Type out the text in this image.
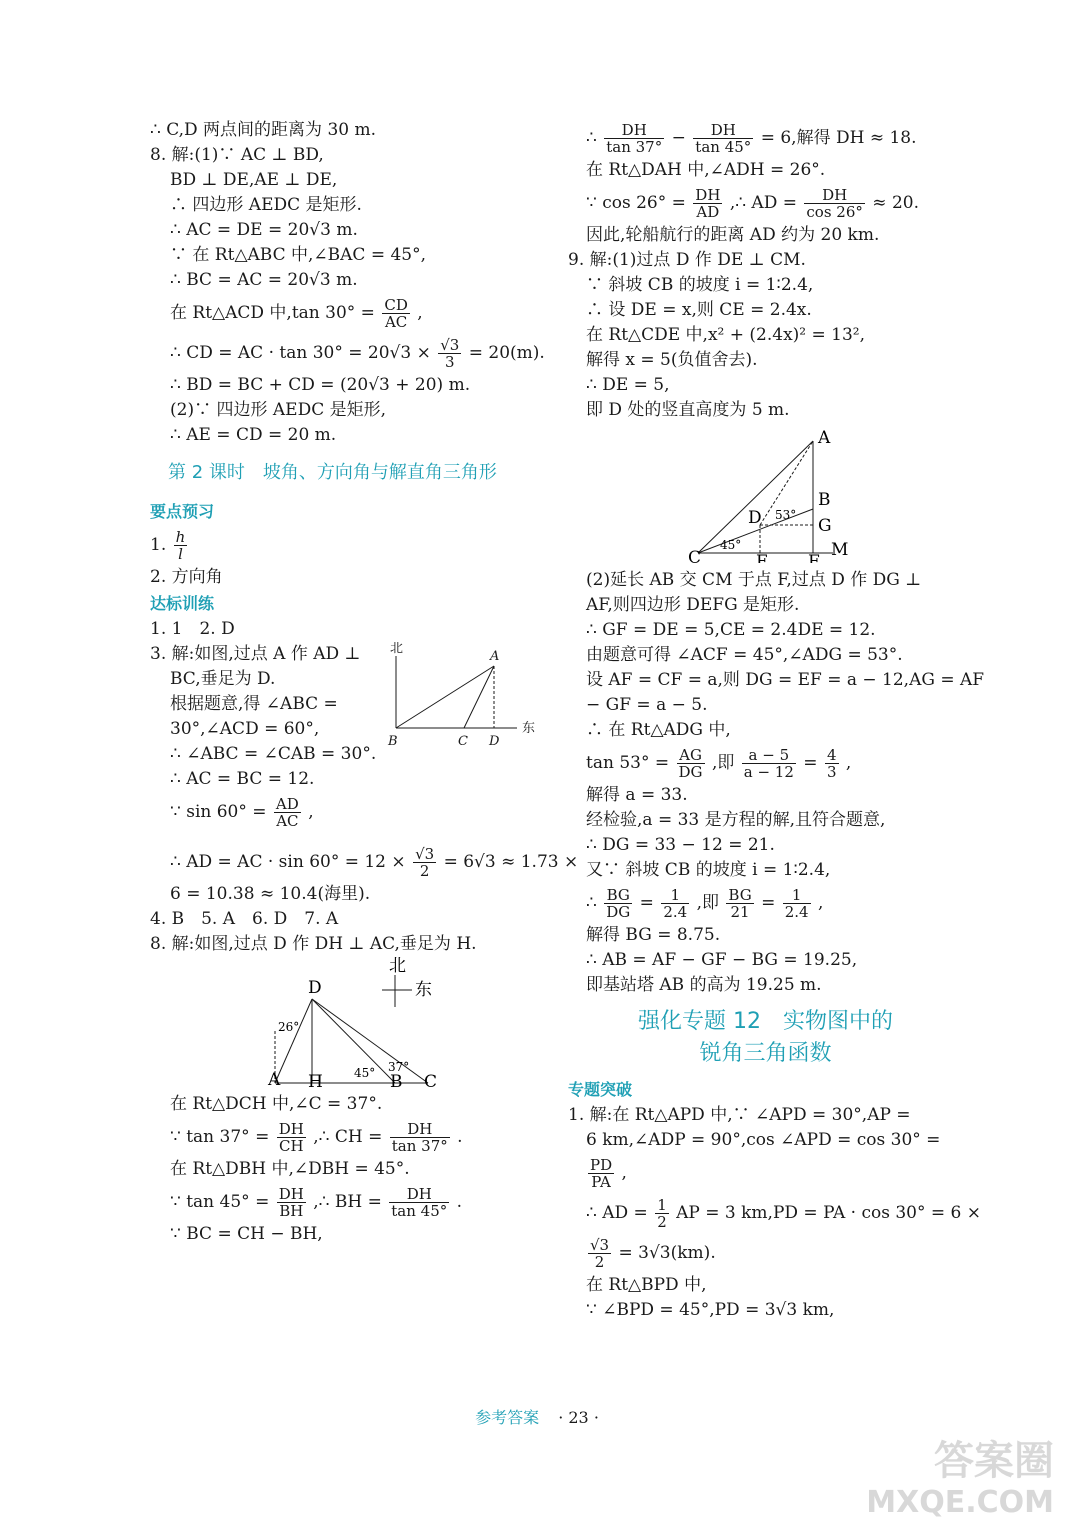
∴ C,D 两点间的距离为 30 m.
8. 解:(1)∵ AC ⊥ BD,
BD ⊥ DE,AE ⊥ DE,
∴ 四边形 AEDC 是矩形.
∴ AC = DE = 20√3 m.
∵ 在 Rt△ABC 中,∠BAC = 45°,
∴ BC = AC = 20√3 m.
在 Rt△ACD 中,tan $30^\circ = \frac{CD}{AC}$ ,
∴ CD = AC · $\tan 30^\circ = 20√3 \times \frac{√3}{3} = 20(m)$.
∴ BD = BC + CD = (20√3 + 20) m.
(2)∵ 四边形 AEDC 是矩形,
∴ AE = CD = 20 m.
第 2 课时　坡角、方向角与解直角三角形
要点预习
1. $\frac{h}{l}$
2. 方向角
达标训练
1. 1　2. D
3. 解:如图,过点 A 作 AD ⊥
BC,垂足为 D.
根据题意,得 ∠ABC =
30°,∠ACD = 60°,
∴ ∠ABC = ∠CAB = 30°.
∴ AC = BC = 12.
北
东
A
B	C D
∵ $\sin 60^\circ = \frac{AD}{AC}$ ,
∴ AD = AC · $\sin 60^\circ = 12 \times \frac{√3}{2} = 6√3 \approx 1.73$ ×
6 = 10.38 ≈ 10.4(海里).
4. B　5. A　6. D　7. A
8. 解:如图,过点 D 作 DH ⊥ AC,垂足为 H.
北
东
26°
45° 37°
D
A H	B C
在 Rt△DCH 中,∠C = 37°.
∵ $\tan 37^\circ = \frac{DH}{CH}$ ,∴ CH = $\frac{DH}{\tan 37^\circ}$ .
在 Rt△DBH 中,∠DBH = 45°.
∵ $\tan 45^\circ = \frac{DH}{BH}$ ,∴ BH = $\frac{DH}{\tan 45^\circ}$ .
∵ BC = CH − BH,
∴ $\frac{DH}{\tan 37^\circ} - \frac{DH}{\tan 45^\circ} = 6$,解得 DH ≈ 18.
在 Rt△DAH 中,∠ADH = 26°.
∵ $\cos 26^\circ = \frac{DH}{AD}$ ,∴ AD = $\frac{DH}{\cos 26^\circ} \approx 20$.
因此,轮船航行的距离 AD 约为 20 km.
9. 解:(1)过点 D 作 DE ⊥ CM.
∵ 斜坡 CB 的坡度 i = 1∶2.4,
∴ 设 DE = x,则 CE = 2.4x.
在 Rt△CDE 中,x² + (2.4x)² = 13²,
解得 x = 5(负值舍去).
∴ DE = 5,
即 D 处的竖直高度为 5 m.
A
B
G
D
C	E F
M
45°
53°
(2)延长 AB 交 CM 于点 F,过点 D 作 DG ⊥
AF,则四边形 DEFG 是矩形.
∴ GF = DE = 5,CE = 2.4DE = 12.
由题意可得 ∠ACF = 45°,∠ADG = 53°.
设 AF = CF = a,则 DG = EF = a − 12,AG = AF
− GF = a − 5.
∴ 在 Rt△ADG 中,
$\tan 53^\circ = \frac{AG}{DG}$ ,即 $\frac{a - 5}{a - 12} = \frac{4}{3}$ ,
解得 a = 33.
经检验,a = 33 是方程的解,且符合题意,
∴ DG = 33 − 12 = 21.
又∵ 斜坡 CB 的坡度 i = 1∶2.4,
∴ $\frac{BG}{DG} = \frac{1}{2.4}$ ,即 $\frac{BG}{21} = \frac{1}{2.4}$ ,
解得 BG = 8.75.
∴ AB = AF − GF − BG = 19.25,
即基站塔 AB 的高为 19.25 m.
强化专题 12　实物图中的
锐角三角函数
专题突破
1. 解:在 Rt△APD 中,∵ ∠APD = 30°,AP =
6 km,∠ADP = 90°,cos ∠APD = cos 30° =
$\frac{PD}{PA}$ ,
∴ AD = $\frac{1}{2}$ AP = 3 km,PD = PA · cos 30° = 6 ×
$\frac{√3}{2} = 3√3(km)$.
在 Rt△BPD 中,
∵ ∠BPD = 45°,PD = 3√3 km,
参考答案 · 23 ·
答案圈
MXQE.COM
